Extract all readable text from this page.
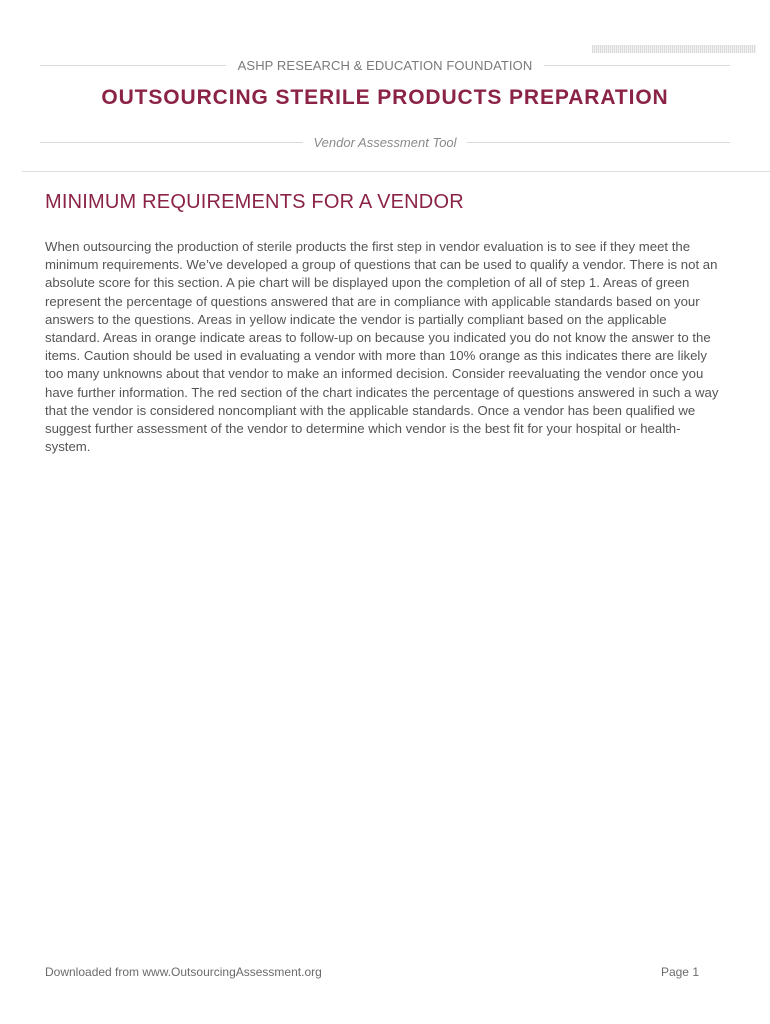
ASHP RESEARCH & EDUCATION FOUNDATION
OUTSOURCING STERILE PRODUCTS PREPARATION
Vendor Assessment Tool
MINIMUM REQUIREMENTS FOR A VENDOR

When outsourcing the production of sterile products the first step in vendor evaluation is to see if they meet the minimum requirements. We’ve developed a group of questions that can be used to qualify a vendor. There is not an absolute score for this section. A pie chart will be displayed upon the completion of all of step 1. Areas of green represent the percentage of questions answered that are in compliance with applicable standards based on your answers to the questions. Areas in yellow indicate the vendor is partially compliant based on the applicable standard. Areas in orange indicate areas to follow-up on because you indicated you do not know the answer to the items. Caution should be used in evaluating a vendor with more than 10% orange as this indicates there are likely too many unknowns about that vendor to make an informed decision. Consider reevaluating the vendor once you have further information. The red section of the chart indicates the percentage of questions answered in such a way that the vendor is considered noncompliant with the applicable standards. Once a vendor has been qualified we suggest further assessment of the vendor to determine which vendor is the best fit for your hospital or health-system.

Downloaded from www.OutsourcingAssessment.org	Page 1
